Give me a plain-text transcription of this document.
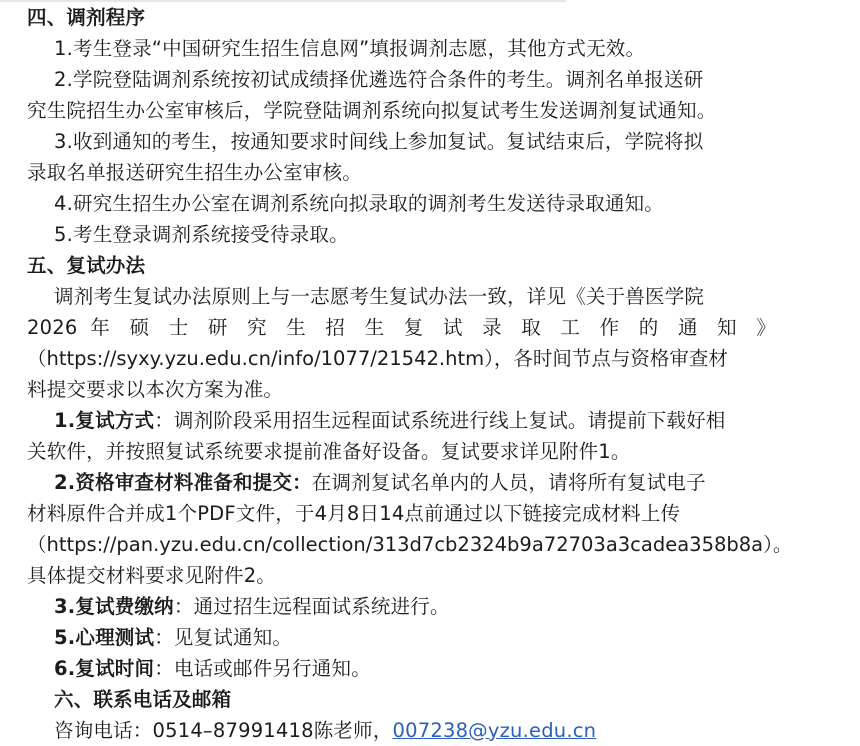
四、调剂程序
1.考生登录“中国研究生招生信息网”填报调剂志愿，其他方式无效。
2.学院登陆调剂系统按初试成绩择优遴选符合条件的考生。调剂名单报送研
究生院招生办公室审核后，学院登陆调剂系统向拟复试考生发送调剂复试通知。
3.收到通知的考生，按通知要求时间线上参加复试。复试结束后，学院将拟
录取名单报送研究生招生办公室审核。
4.研究生招生办公室在调剂系统向拟录取的调剂考生发送待录取通知。
5.考生登录调剂系统接受待录取。
五、复试办法
调剂考生复试办法原则上与一志愿考生复试办法一致，详见《关于兽医学院
2026 年 硕 士 研 究 生 招 生 复 试 录 取 工 作 的 通 知 》
（https://syxy.yzu.edu.cn/info/1077/21542.htm），各时间节点与资格审查材
料提交要求以本次方案为准。
1.复试方式：调剂阶段采用招生远程面试系统进行线上复试。请提前下载好相
关软件，并按照复试系统要求提前准备好设备。复试要求详见附件1。
2.资格审查材料准备和提交：在调剂复试名单内的人员，请将所有复试电子
材料原件合并成1个PDF文件，于4月8日14点前通过以下链接完成材料上传
（https://pan.yzu.edu.cn/collection/313d7cb2324b9a72703a3cadea358b8a）。
具体提交材料要求见附件2。
3.复试费缴纳：通过招生远程面试系统进行。
5.心理测试：见复试通知。
6.复试时间：电话或邮件另行通知。
六、联系电话及邮箱
咨询电话：0514–87991418陈老师，007238@yzu.edu.cn
